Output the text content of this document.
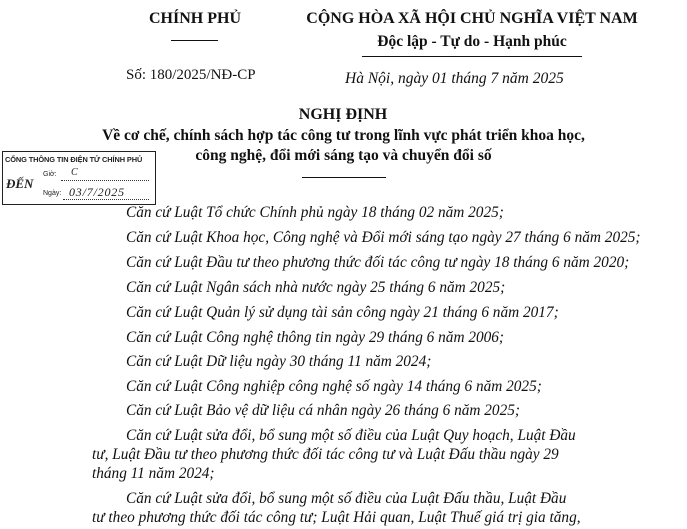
CHÍNH PHỦ	CỘNG HÒA XÃ HỘI CHỦ NGHĨA VIỆT NAM
Độc lập - Tự do - Hạnh phúc
Số: 180/2025/NĐ-CP	Hà Nội, ngày 01 tháng 7 năm 2025
NGHỊ ĐỊNH
Về cơ chế, chính sách hợp tác công tư trong lĩnh vực phát triển khoa học,
công nghệ, đổi mới sáng tạo và chuyển đổi số
CỔNG THÔNG TIN ĐIỆN TỬ CHÍNH PHỦ
ĐẾN
Giờ: C
Ngày: 03/7/2025
Căn cứ Luật Tổ chức Chính phủ ngày 18 tháng 02 năm 2025;
Căn cứ Luật Khoa học, Công nghệ và Đổi mới sáng tạo ngày 27 tháng 6 năm 2025;
Căn cứ Luật Đầu tư theo phương thức đối tác công tư ngày 18 tháng 6 năm 2020;
Căn cứ Luật Ngân sách nhà nước ngày 25 tháng 6 năm 2025;
Căn cứ Luật Quản lý sử dụng tài sản công ngày 21 tháng 6 năm 2017;
Căn cứ Luật Công nghệ thông tin ngày 29 tháng 6 năm 2006;
Căn cứ Luật Dữ liệu ngày 30 tháng 11 năm 2024;
Căn cứ Luật Công nghiệp công nghệ số ngày 14 tháng 6 năm 2025;
Căn cứ Luật Bảo vệ dữ liệu cá nhân ngày 26 tháng 6 năm 2025;
Căn cứ Luật sửa đổi, bổ sung một số điều của Luật Quy hoạch, Luật Đầu
tư, Luật Đầu tư theo phương thức đối tác công tư và Luật Đấu thầu ngày 29
tháng 11 năm 2024;
Căn cứ Luật sửa đổi, bổ sung một số điều của Luật Đấu thầu, Luật Đầu
tư theo phương thức đối tác công tư; Luật Hải quan, Luật Thuế giá trị gia tăng,
